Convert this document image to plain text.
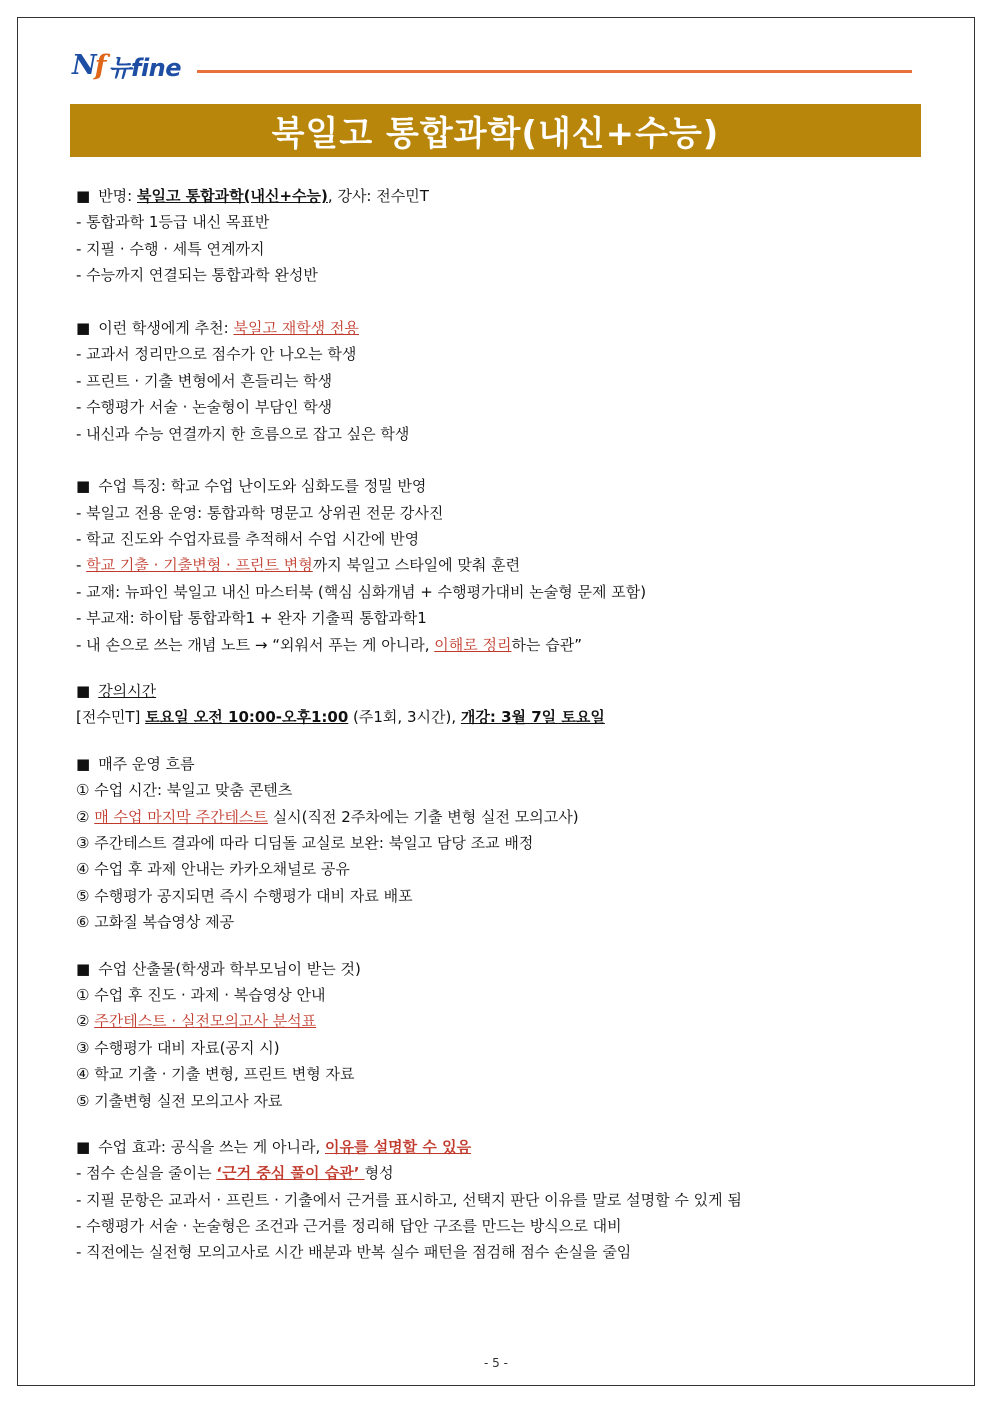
Nf 뉴fine
북일고 통합과학(내신+수능)
■ 반명: 북일고 통합과학(내신+수능), 강사: 전수민T
- 통합과학 1등급 내신 목표반
- 지필 · 수행 · 세특 연계까지
- 수능까지 연결되는 통합과학 완성반
■ 이런 학생에게 추천: 북일고 재학생 전용
- 교과서 정리만으로 점수가 안 나오는 학생
- 프린트 · 기출 변형에서 흔들리는 학생
- 수행평가 서술 · 논술형이 부담인 학생
- 내신과 수능 연결까지 한 흐름으로 잡고 싶은 학생
■ 수업 특징: 학교 수업 난이도와 심화도를 정밀 반영
- 북일고 전용 운영: 통합과학 명문고 상위권 전문 강사진
- 학교 진도와 수업자료를 추적해서 수업 시간에 반영
- 학교 기출 · 기출변형 · 프린트 변형까지 북일고 스타일에 맞춰 훈련
- 교재: 뉴파인 북일고 내신 마스터북 (핵심 심화개념 + 수행평가대비 논술형 문제 포함)
- 부교재: 하이탑 통합과학1 + 완자 기출픽 통합과학1
- 내 손으로 쓰는 개념 노트 → “외워서 푸는 게 아니라, 이해로 정리하는 습관”
■ 강의시간
[전수민T] 토요일 오전 10:00-오후1:00 (주1회, 3시간), 개강: 3월 7일 토요일
■ 매주 운영 흐름
① 수업 시간: 북일고 맞춤 콘텐츠
② 매 수업 마지막 주간테스트 실시(직전 2주차에는 기출 변형 실전 모의고사)
③ 주간테스트 결과에 따라 디딤돌 교실로 보완: 북일고 담당 조교 배정
④ 수업 후 과제 안내는 카카오채널로 공유
⑤ 수행평가 공지되면 즉시 수행평가 대비 자료 배포
⑥ 고화질 복습영상 제공
■ 수업 산출물(학생과 학부모님이 받는 것)
① 수업 후 진도 · 과제 · 복습영상 안내
② 주간테스트 · 실전모의고사 분석표
③ 수행평가 대비 자료(공지 시)
④ 학교 기출 · 기출 변형, 프린트 변형 자료
⑤ 기출변형 실전 모의고사 자료
■ 수업 효과: 공식을 쓰는 게 아니라, 이유를 설명할 수 있음
- 점수 손실을 줄이는 ‘근거 중심 풀이 습관’ 형성
- 지필 문항은 교과서 · 프린트 · 기출에서 근거를 표시하고, 선택지 판단 이유를 말로 설명할 수 있게 됨
- 수행평가 서술 · 논술형은 조건과 근거를 정리해 답안 구조를 만드는 방식으로 대비
- 직전에는 실전형 모의고사로 시간 배분과 반복 실수 패턴을 점검해 점수 손실을 줄임
- 5 -
